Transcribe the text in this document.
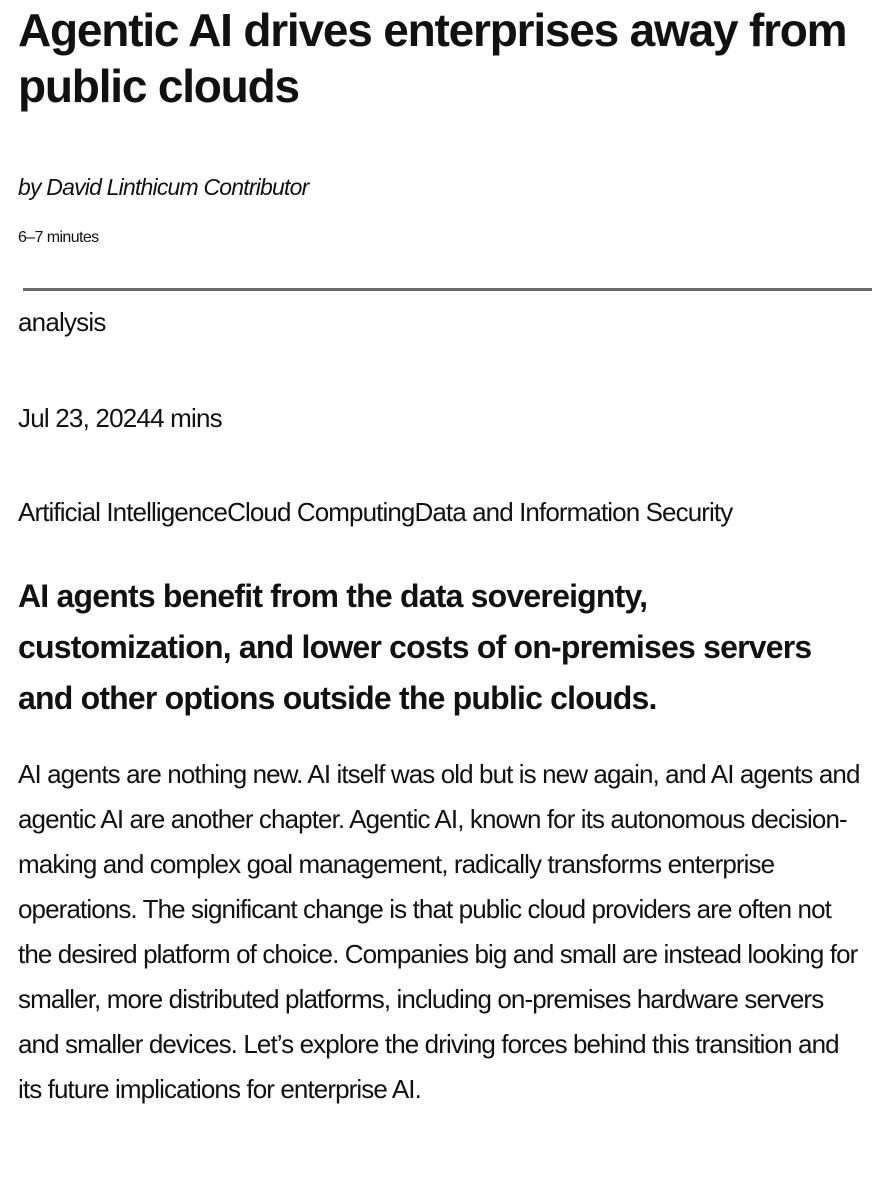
Agentic AI drives enterprises away from public clouds
by David Linthicum Contributor
6–7 minutes
analysis
Jul 23, 20244 mins
Artificial IntelligenceCloud ComputingData and Information Security
AI agents benefit from the data sovereignty, customization, and lower costs of on-premises servers and other options outside the public clouds.

AI agents are nothing new. AI itself was old but is new again, and AI agents and agentic AI are another chapter. Agentic AI, known for its autonomous decision-making and complex goal management, radically transforms enterprise operations. The significant change is that public cloud providers are often not the desired platform of choice. Companies big and small are instead looking for smaller, more distributed platforms, including on-premises hardware servers and smaller devices. Let’s explore the driving forces behind this transition and its future implications for enterprise AI.
